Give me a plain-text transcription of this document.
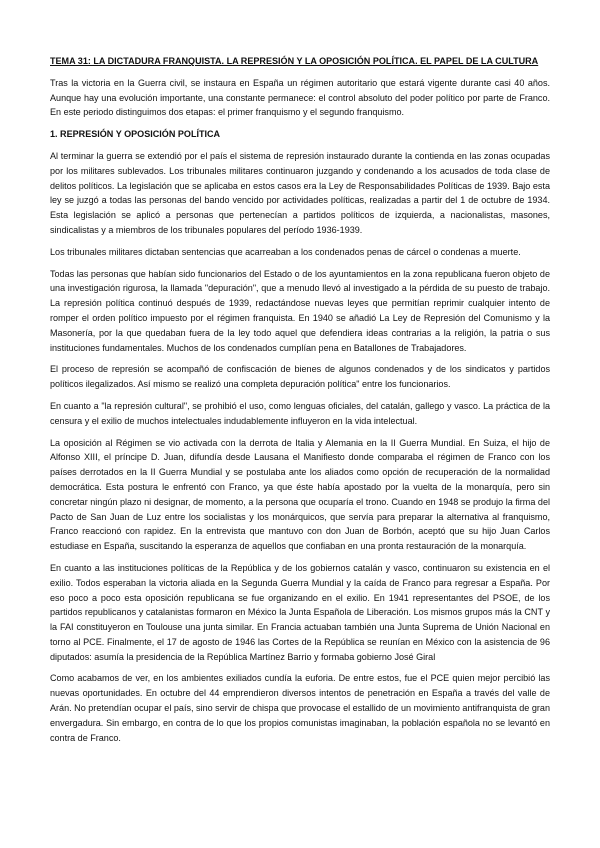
TEMA 31: LA DICTADURA FRANQUISTA. LA REPRESIÓN Y LA OPOSICIÓN POLÍTICA. EL PAPEL DE LA CULTURA

Tras la victoria en la Guerra civil, se instaura en España un régimen autoritario que estará vigente durante casi 40 años. Aunque hay una evolución importante, una constante permanece: el control absoluto del poder político por parte de Franco. En este periodo distinguimos dos etapas: el primer franquismo y el segundo franquismo.

1. REPRESIÓN Y OPOSICIÓN POLÍTICA

Al terminar la guerra se extendió por el país el sistema de represión instaurado durante la contienda en las zonas ocupadas por los militares sublevados. Los tribunales militares continuaron juzgando y condenando a los acusados de toda clase de delitos políticos. La legislación que se aplicaba en estos casos era la Ley de Responsabilidades Políticas de 1939. Bajo esta ley se juzgó a todas las personas del bando vencido por actividades políticas, realizadas a partir del 1 de octubre de 1934. Esta legislación se aplicó a personas que pertenecían a partidos políticos de izquierda, a nacionalistas, masones, sindicalistas y a miembros de los tribunales populares del período 1936-1939.

Los tribunales militares dictaban sentencias que acarreaban a los condenados penas de cárcel o condenas a muerte.

Todas las personas que habían sido funcionarios del Estado o de los ayuntamientos en la zona republicana fueron objeto de una investigación rigurosa, la llamada "depuración", que a menudo llevó al investigado a la pérdida de su puesto de trabajo. La represión política continuó después de 1939, redactándose nuevas leyes que permitían reprimir cualquier intento de romper el orden político impuesto por el régimen franquista. En 1940 se añadió La Ley de Represión del Comunismo y la Masonería, por la que quedaban fuera de la ley todo aquel que defendiera ideas contrarias a la religión, la patria o sus instituciones fundamentales. Muchos de los condenados cumplían pena en Batallones de Trabajadores.

El proceso de represión se acompañó de confiscación de bienes de algunos condenados y de los sindicatos y partidos políticos ilegalizados. Así mismo se realizó una completa depuración política" entre los funcionarios.

En cuanto a "la represión cultural", se prohibió el uso, como lenguas oficiales, del catalán, gallego y vasco. La práctica de la censura y el exilio de muchos intelectuales indudablemente influyeron en la vida intelectual.

La oposición al Régimen se vio activada con la derrota de Italia y Alemania en la II Guerra Mundial. En Suiza, el hijo de Alfonso XIII, el príncipe D. Juan, difundía desde Lausana el Manifiesto donde comparaba el régimen de Franco con los países derrotados en la II Guerra Mundial y se postulaba ante los aliados como opción de recuperación de la normalidad democrática. Esta postura le enfrentó con Franco, ya que éste había apostado por la vuelta de la monarquía, pero sin concretar ningún plazo ni designar, de momento, a la persona que ocuparía el trono. Cuando en 1948 se produjo la firma del Pacto de San Juan de Luz entre los socialistas y los monárquicos, que servía para preparar la alternativa al franquismo, Franco reaccionó con rapidez. En la entrevista que mantuvo con don Juan de Borbón, aceptó que su hijo Juan Carlos estudiase en España, suscitando la esperanza de aquellos que confiaban en una pronta restauración de la monarquía.

En cuanto a las instituciones políticas de la República y de los gobiernos catalán y vasco, continuaron su existencia en el exilio. Todos esperaban la victoria aliada en la Segunda Guerra Mundial y la caída de Franco para regresar a España. Por eso poco a poco esta oposición republicana se fue organizando en el exilio. En 1941 representantes del PSOE, de los partidos republicanos y catalanistas formaron en México la Junta Española de Liberación. Los mismos grupos más la CNT y la FAI constituyeron en Toulouse una junta similar. En Francia actuaban también una Junta Suprema de Unión Nacional en torno al PCE. Finalmente, el 17 de agosto de 1946 las Cortes de la República se reunían en México con la asistencia de 96 diputados: asumía la presidencia de la República Martínez Barrio y formaba gobierno José Giral

Como acabamos de ver, en los ambientes exiliados cundía la euforia. De entre estos, fue el PCE quien mejor percibió las nuevas oportunidades. En octubre del 44 emprendieron diversos intentos de penetración en España a través del valle de Arán. No pretendían ocupar el país, sino servir de chispa que provocase el estallido de un movimiento antifranquista de gran envergadura. Sin embargo, en contra de lo que los propios comunistas imaginaban, la población española no se levantó en contra de Franco.
